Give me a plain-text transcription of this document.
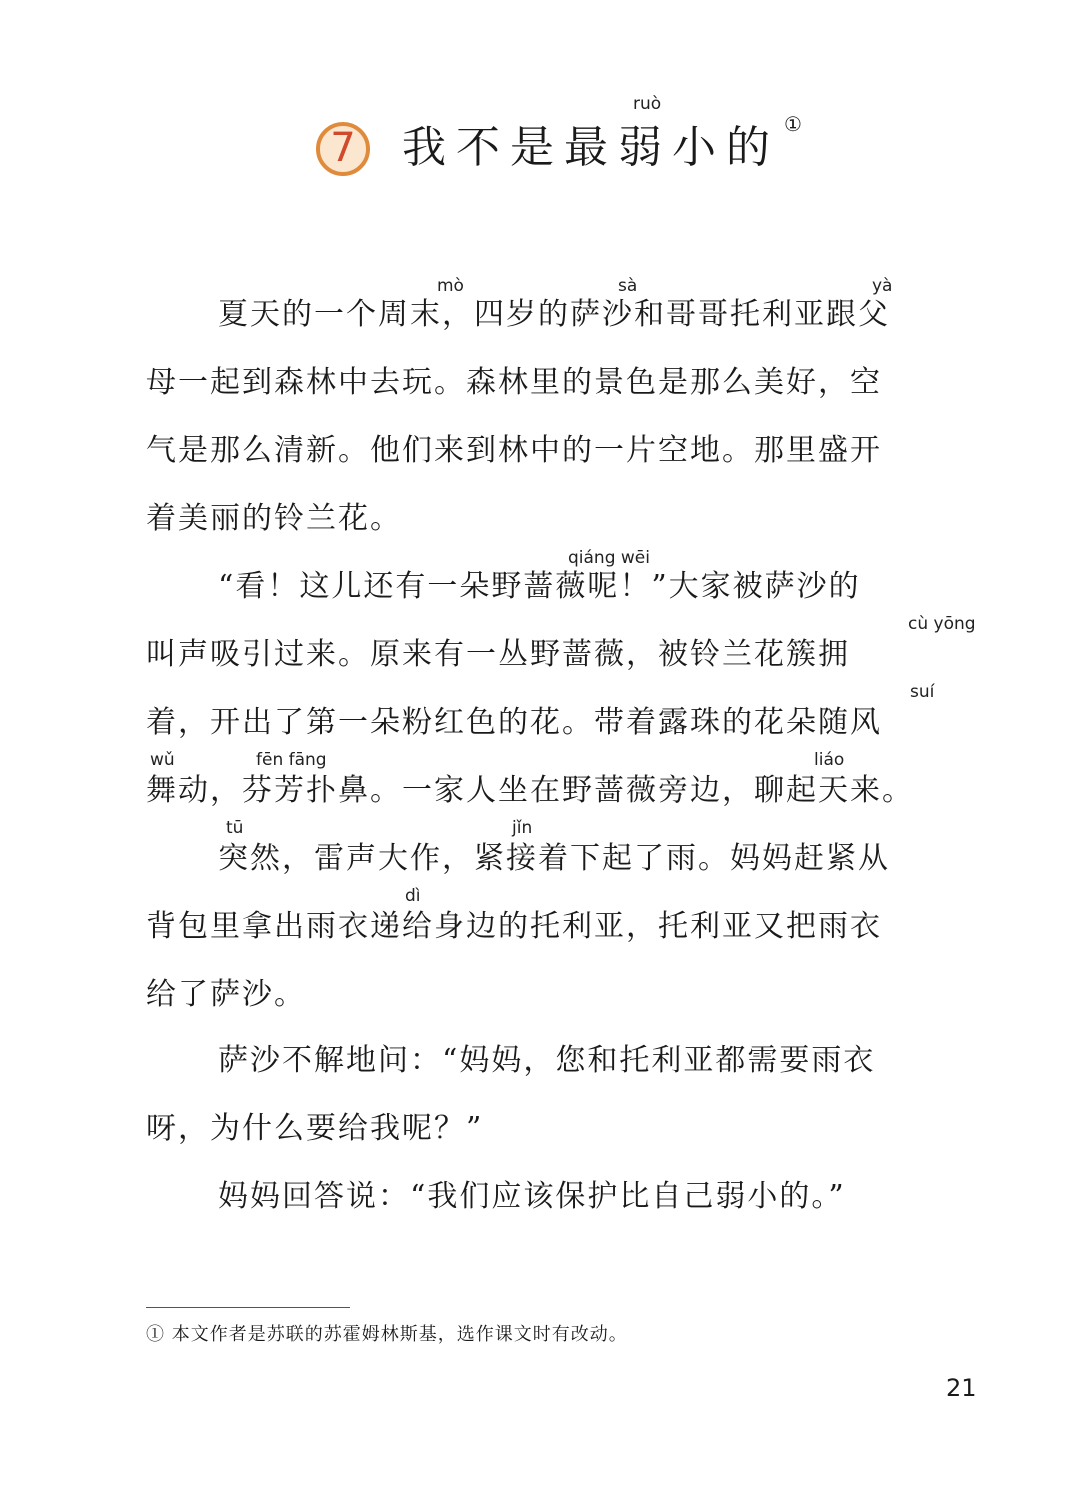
7
ruò
我不是最弱小的 ①
mò	sà	yà
qiáng wēi
cù yōng
suí
wǔ	fēn fāng	liáo
tū	jǐn
dì
夏天的一个周末，四岁的萨沙和哥哥托利亚跟父
母一起到森林中去玩。森林里的景色是那么美好，空
气是那么清新。他们来到林中的一片空地。那里盛开
着美丽的铃兰花。
“看！这儿还有一朵野蔷薇呢！”大家被萨沙的
叫声吸引过来。原来有一丛野蔷薇，被铃兰花簇拥
着，开出了第一朵粉红色的花。带着露珠的花朵随风
舞动，芬芳扑鼻。一家人坐在野蔷薇旁边，聊起天来。
突然，雷声大作，紧接着下起了雨。妈妈赶紧从
背包里拿出雨衣递给身边的托利亚，托利亚又把雨衣
给了萨沙。
萨沙不解地问：“妈妈，您和托利亚都需要雨衣
呀，为什么要给我呢？”
妈妈回答说：“我们应该保护比自己弱小的。”
① 本文作者是苏联的苏霍姆林斯基，选作课文时有改动。
21
